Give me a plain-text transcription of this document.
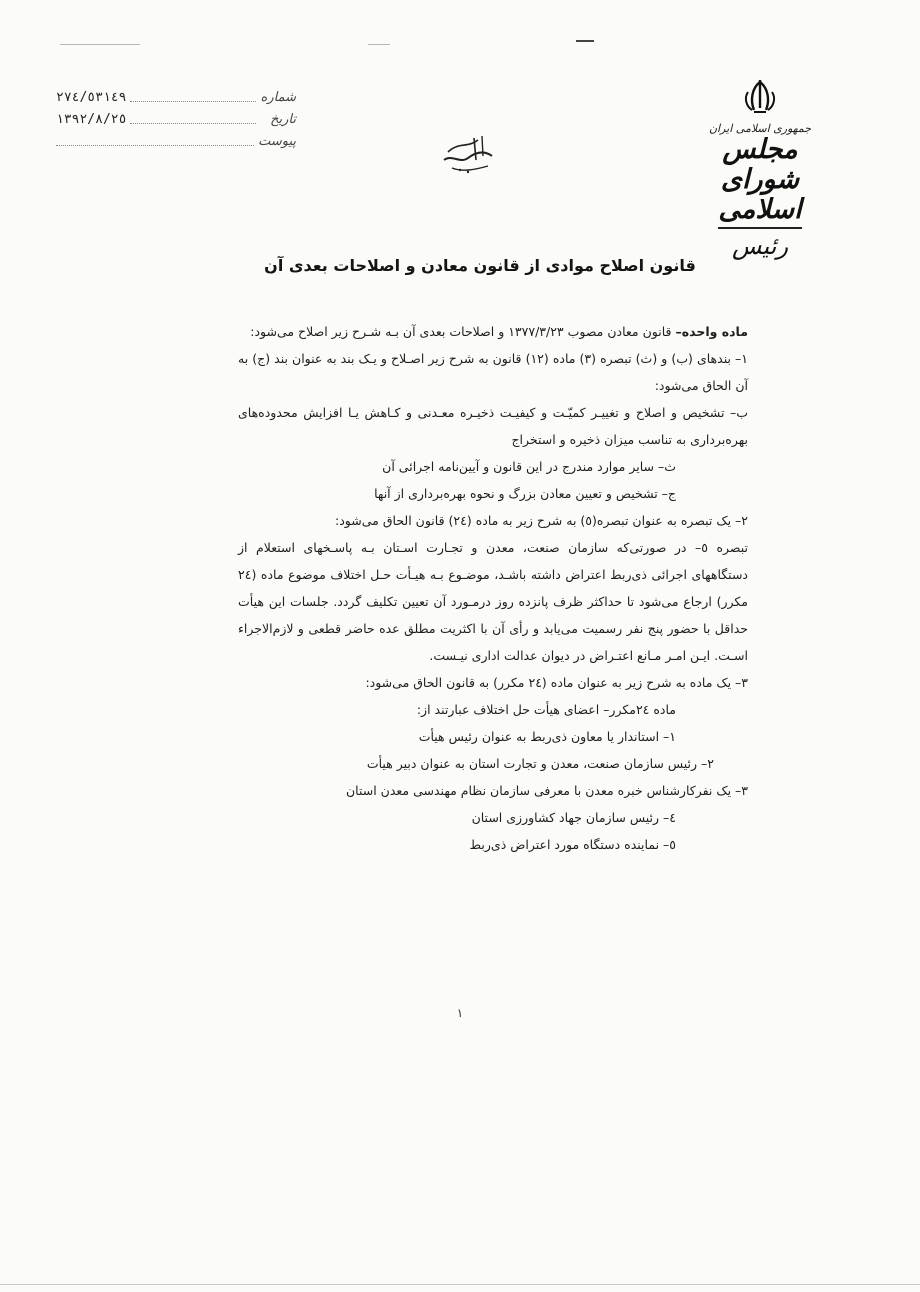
شماره
۲۷٤/٥٣١٤٩
تاریخ
۱۳۹۲/۸/۲٥
پیوست
جمهوری اسلامی ایران
مجلس شورای اسلامی
رئیس
قانون اصلاح موادی از قانون معادن و اصلاحات بعدی آن

ماده واحده– قانون معادن مصوب ۱۳۷۷/۳/۲۳ و اصلاحات بعدی آن بـه شـرح زیر اصلاح می‌شود:

۱– بندهای (ب) و (ث) تبصره (۳) ماده (۱۲) قانون به شرح زیر اصـلاح و یـک بند به عنوان بند (ج) به آن الحاق می‌شود:

ب– تشخیص و اصلاح و تغییـر کمیّـت و کیفیـت ذخیـره معـدنی و کـاهش یـا افزایش محدوده‌های بهره‌برداری به تناسب میزان ذخیره و استخراج

ث– سایر موارد مندرج در این قانون و آیین‌نامه اجرائی آن

ج– تشخیص و تعیین معادن بزرگ و نحوه بهره‌برداری از آنها

۲– یک تبصره به عنوان تبصره(٥) به شرح زیر به ماده (۲٤) قانون الحاق می‌شود:

تبصره ٥– در صورتی‌که سازمان صنعت، معدن و تجـارت اسـتان بـه پاسـخهای استعلام از دستگاههای اجرائی ذی‌ربط اعتراض داشته باشـد، موضـوع بـه هیـأت حـل اختلاف موضوع ماده (۲٤ مکرر) ارجاع می‌شود تا حداکثر ظرف پانزده روز درمـورد آن تعیین تکلیف گردد. جلسات این هیأت حداقل با حضور پنج نفر رسمیت می‌یابد و رأی آن با اکثریت مطلق عده حاضر قطعی و لازم‌الاجراء اسـت. ایـن امـر مـانع اعتـراض در دیوان عدالت اداری نیـست.

۳– یک ماده به شرح زیر به عنوان ماده (۲٤ مکرر) به قانون الحاق می‌شود:

ماده ۲٤مکرر– اعضای هیأت حل اختلاف عبارتند از:

۱– استاندار یا معاون ذی‌ربط به عنوان رئیس هیأت

۲– رئیس سازمان صنعت، معدن و تجارت استان به عنوان دبیر هیأت

۳– یک نفرکارشناس خبره معدن با معرفی سازمان نظام مهندسی معدن استان

٤– رئیس سازمان جهاد کشاورزی استان

٥– نماینده دستگاه مورد اعتراض ذی‌ربط

۱
